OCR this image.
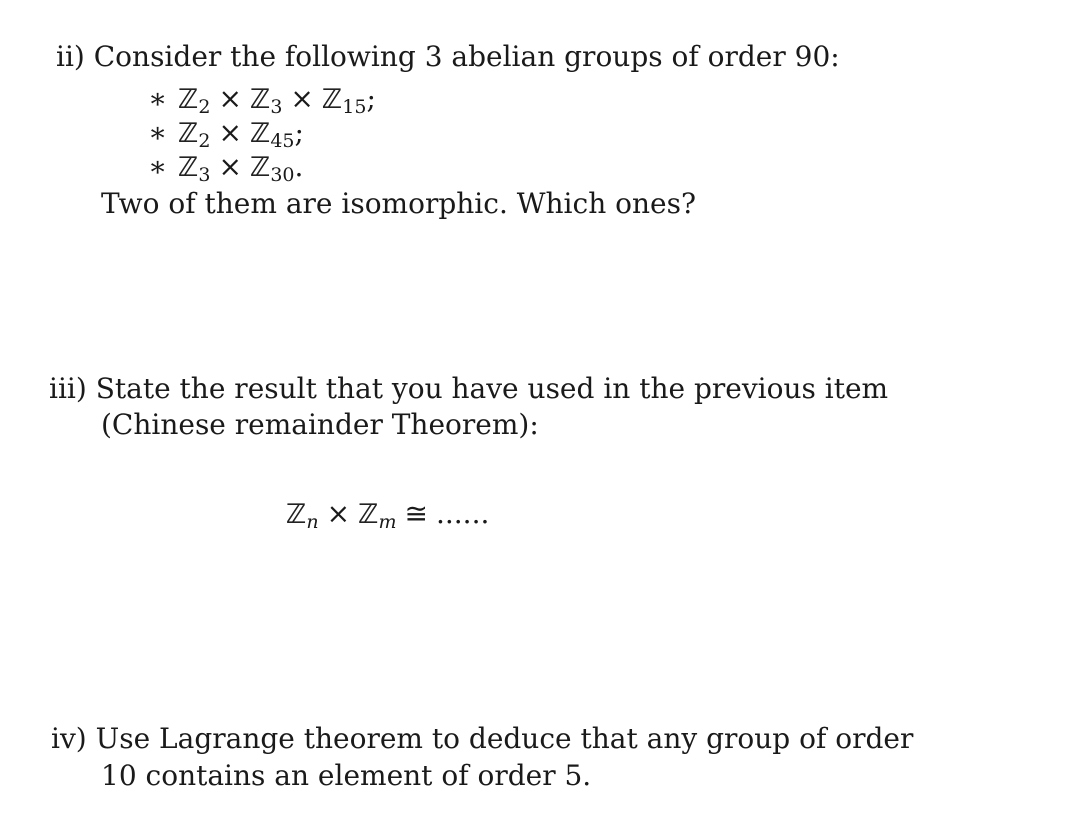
ii) Consider the following 3 abelian groups of order 90:
∗ ℤ$_2$ × ℤ$_3$ × ℤ$_{15}$;
∗ ℤ$_2$ × ℤ$_{45}$;
∗ ℤ$_3$ × ℤ$_{30}$.
Two of them are isomorphic. Which ones?
iii) State the result that you have used in the previous item
(Chinese remainder Theorem):
ℤ$_n$ × ℤ$_m$ ≅ ......
iv) Use Lagrange theorem to deduce that any group of order
10 contains an element of order 5.
